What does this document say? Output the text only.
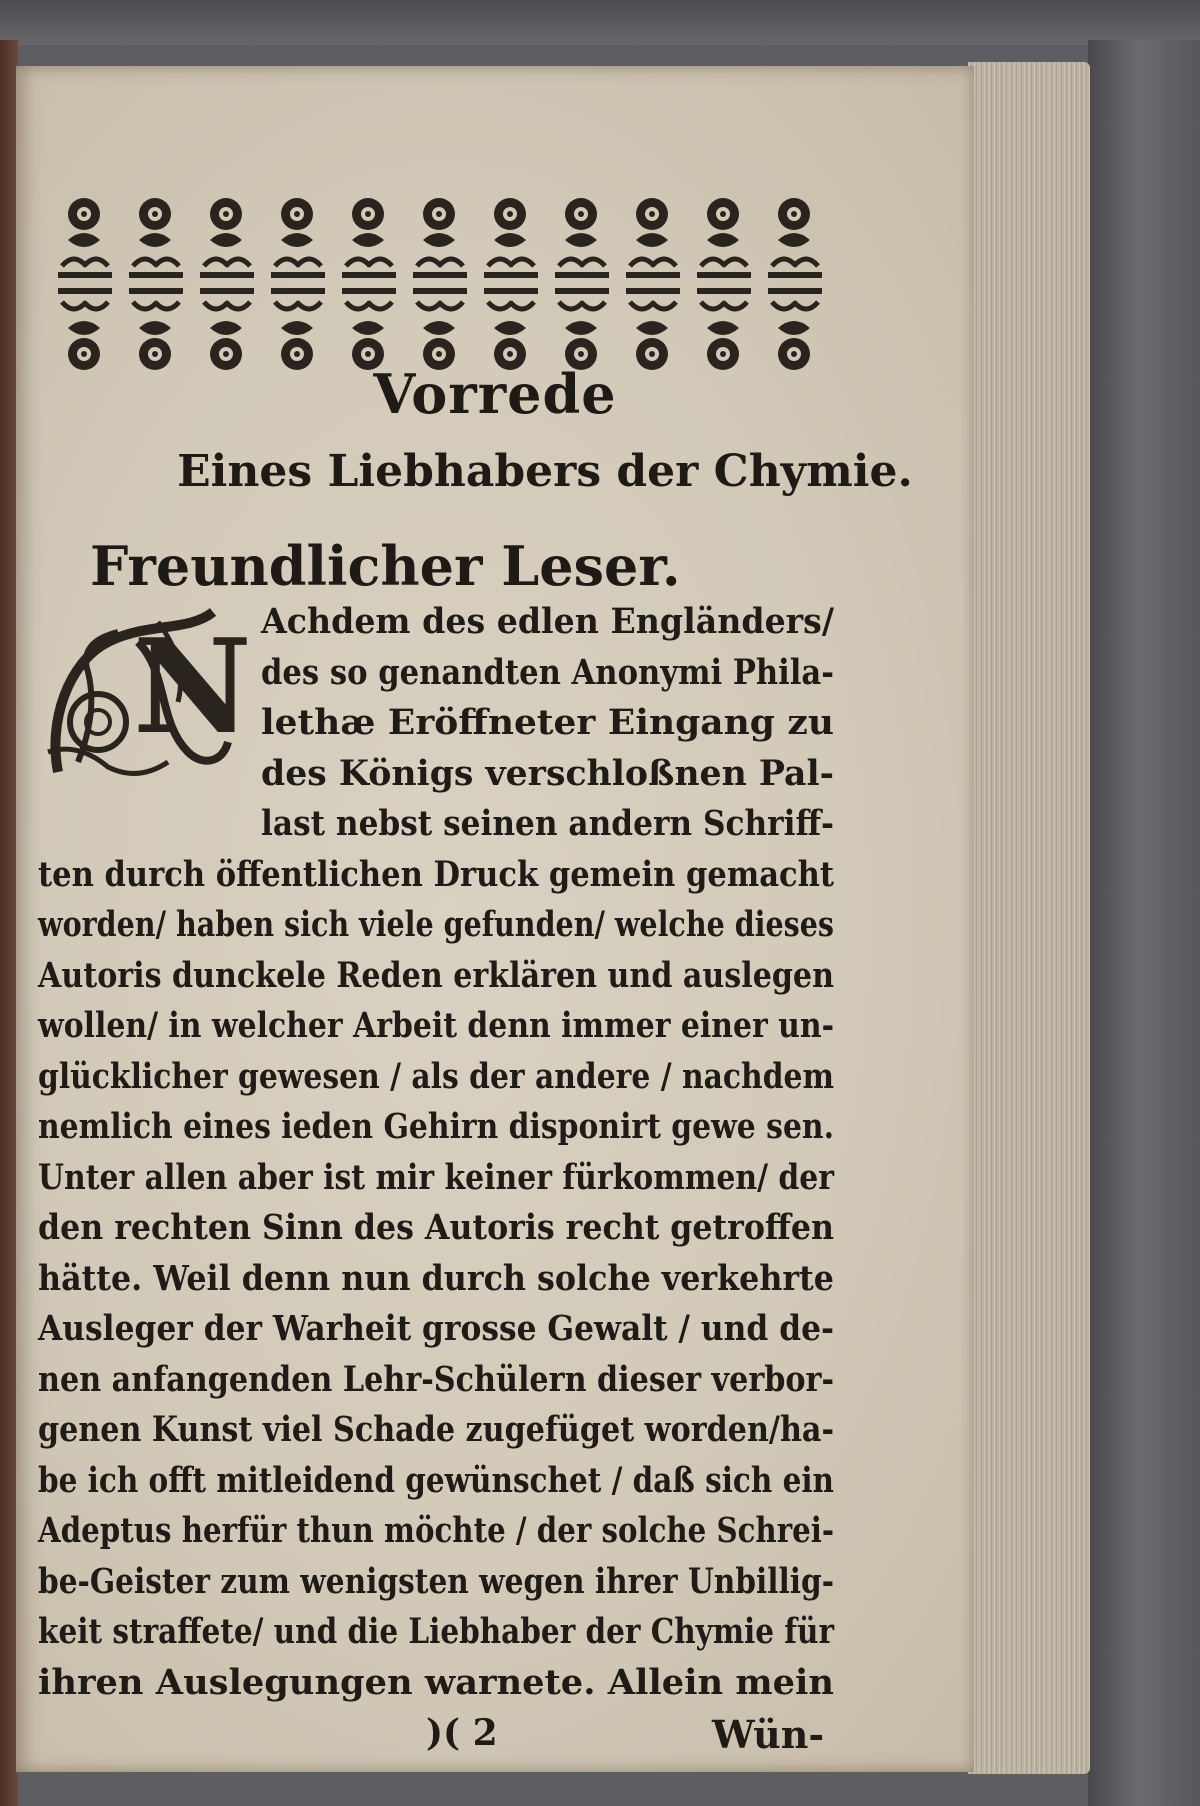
Vorrede
Eines Liebhabers der Chymie.
Freundlicher Leser.
N Achdem des edlen Engländers/
des so genandten Anonymi Phila-
lethæ Eröffneter Eingang zu
des Königs verschloßnen Pal-
last nebst seinen andern Schriff-
ten durch öffentlichen Druck gemein gemacht
worden/ haben sich viele gefunden/ welche dieses
Autoris dunckele Reden erklären und auslegen
wollen/ in welcher Arbeit denn immer einer un-
glücklicher gewesen / als der andere / nachdem
nemlich eines ieden Gehirn disponirt gewe sen.
Unter allen aber ist mir keiner fürkommen/ der
den rechten Sinn des Autoris recht getroffen
hätte. Weil denn nun durch solche verkehrte
Ausleger der Warheit grosse Gewalt / und de-
nen anfangenden Lehr-Schülern dieser verbor-
genen Kunst viel Schade zugefüget worden/ha-
be ich offt mitleidend gewünschet / daß sich ein
Adeptus herfür thun möchte / der solche Schrei-
be-Geister zum wenigsten wegen ihrer Unbillig-
keit straffete/ und die Liebhaber der Chymie für
ihren Auslegungen warnete. Allein mein
)( 2	Wün-
